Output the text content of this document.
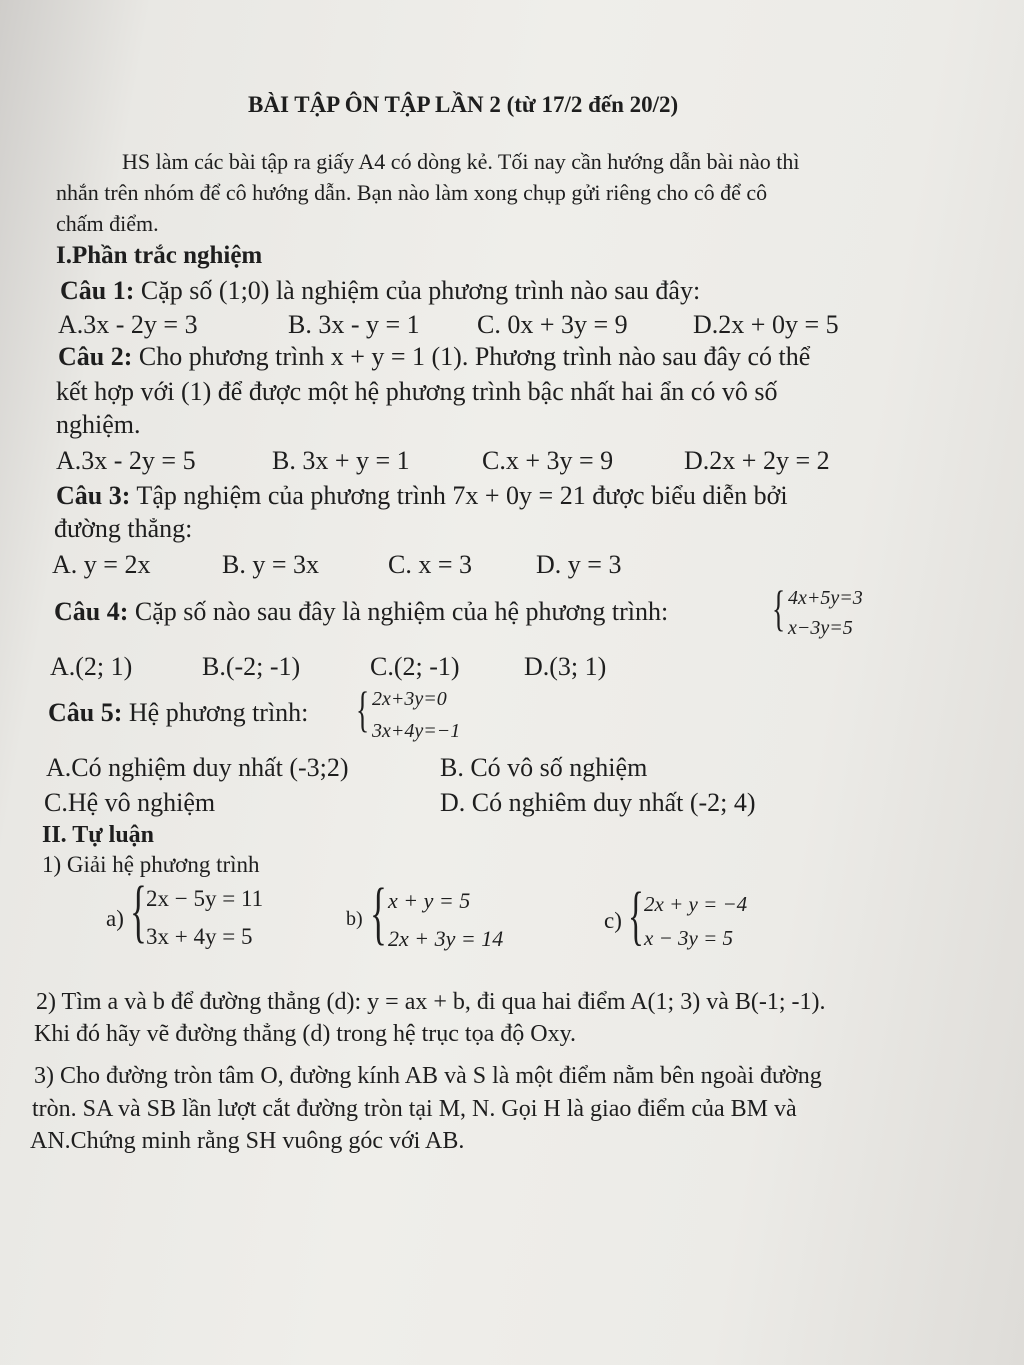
BÀI TẬP ÔN TẬP LẦN 2 (từ 17/2 đến 20/2)
HS làm các bài tập ra giấy A4 có dòng kẻ. Tối nay cần hướng dẫn bài nào thì
nhắn trên nhóm để cô hướng dẫn. Bạn nào làm xong chụp gửi riêng cho cô để cô
chấm điểm.
I.Phần trắc nghiệm
Câu 1: Cặp số (1;0) là nghiệm của phương trình nào sau đây:
A.3x - 2y = 3	B. 3x - y = 1 C. 0x + 3y = 9	D.2x + 0y = 5
Câu 2: Cho phương trình x + y = 1 (1). Phương trình nào sau đây có thể
kết hợp với (1) để được một hệ phương trình bậc nhất hai ẩn có vô số
nghiệm.
A.3x - 2y = 5	B. 3x + y = 1	C.x + 3y = 9	D.2x + 2y = 2
Câu 3: Tập nghiệm của phương trình 7x + 0y = 21 được biểu diễn bởi
đường thẳng:
A. y = 2x	B. y = 3x	C. x = 3 D. y = 3
Câu 4: Cặp số nào sau đây là nghiệm của hệ phương trình: { 4x+5y=3
x−3y=5
A.(2; 1)	B.(-2; -1)	C.(2; -1) D.(3; 1)
Câu 5: Hệ phương trình: { 2x+3y=0
3x+4y=−1
A.Có nghiệm duy nhất (-3;2)	B. Có vô số nghiệm
C.Hệ vô nghiệm	D. Có nghiêm duy nhất (-2; 4)
II. Tự luận
1) Giải hệ phương trình
a) { 2x − 5y = 11
3x + 4y = 5
b) { x + y = 5
2x + 3y = 14
c) { 2x + y = −4
x − 3y = 5
2) Tìm a và b để đường thẳng (d): y = ax + b, đi qua hai điểm A(1; 3) và B(-1; -1).
Khi đó hãy vẽ đường thẳng (d) trong hệ trục tọa độ Oxy.
3) Cho đường tròn tâm O, đường kính AB và S là một điểm nằm bên ngoài đường
tròn. SA và SB lần lượt cắt đường tròn tại M, N. Gọi H là giao điểm của BM và
AN.Chứng minh rằng SH vuông góc với AB.
